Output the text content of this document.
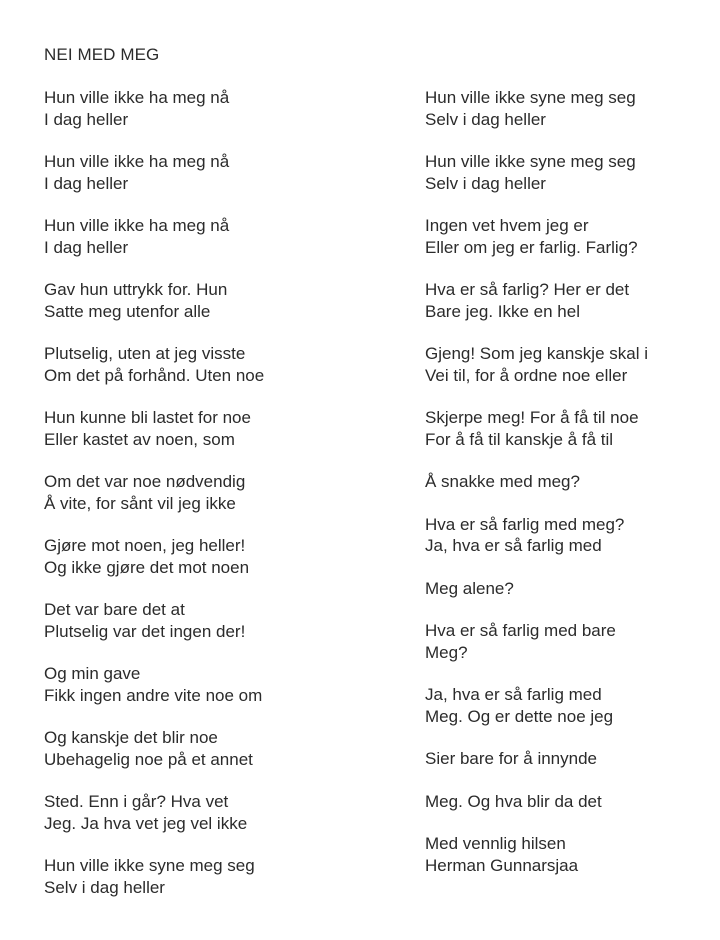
NEI MED MEG
Hun ville ikke ha meg nå
I dag heller
Hun ville ikke ha meg nå
I dag heller
Hun ville ikke ha meg nå
I dag heller
Gav hun uttrykk for. Hun
Satte meg utenfor alle
Plutselig, uten at jeg visste
Om det på forhånd. Uten noe
Hun kunne bli lastet for noe
Eller kastet av noen, som
Om det var noe nødvendig
Å vite, for sånt vil jeg ikke
Gjøre mot noen, jeg heller!
Og ikke gjøre det mot noen
Det var bare det at
Plutselig var det ingen der!
Og min gave
Fikk ingen andre vite noe om
Og kanskje det blir noe
Ubehagelig noe på et annet
Sted. Enn i går? Hva vet
Jeg. Ja hva vet jeg vel ikke
Hun ville ikke syne meg seg
Selv i dag heller
Hun ville ikke syne meg seg
Selv i dag heller
Hun ville ikke syne meg seg
Selv i dag heller
Ingen vet hvem jeg er
Eller om jeg er farlig. Farlig?
Hva er så farlig? Her er det
Bare jeg. Ikke en hel
Gjeng! Som jeg kanskje skal i
Vei til, for å ordne noe eller
Skjerpe meg! For å få til noe
For å få til kanskje å få til
Å snakke med meg?
Hva er så farlig med meg?
Ja, hva er så farlig med
Meg alene?
Hva er så farlig med bare
Meg?
Ja, hva er så farlig med
Meg. Og er dette noe jeg
Sier bare for å innynde
Meg. Og hva blir da det
Med vennlig hilsen
Herman Gunnarsjaa
